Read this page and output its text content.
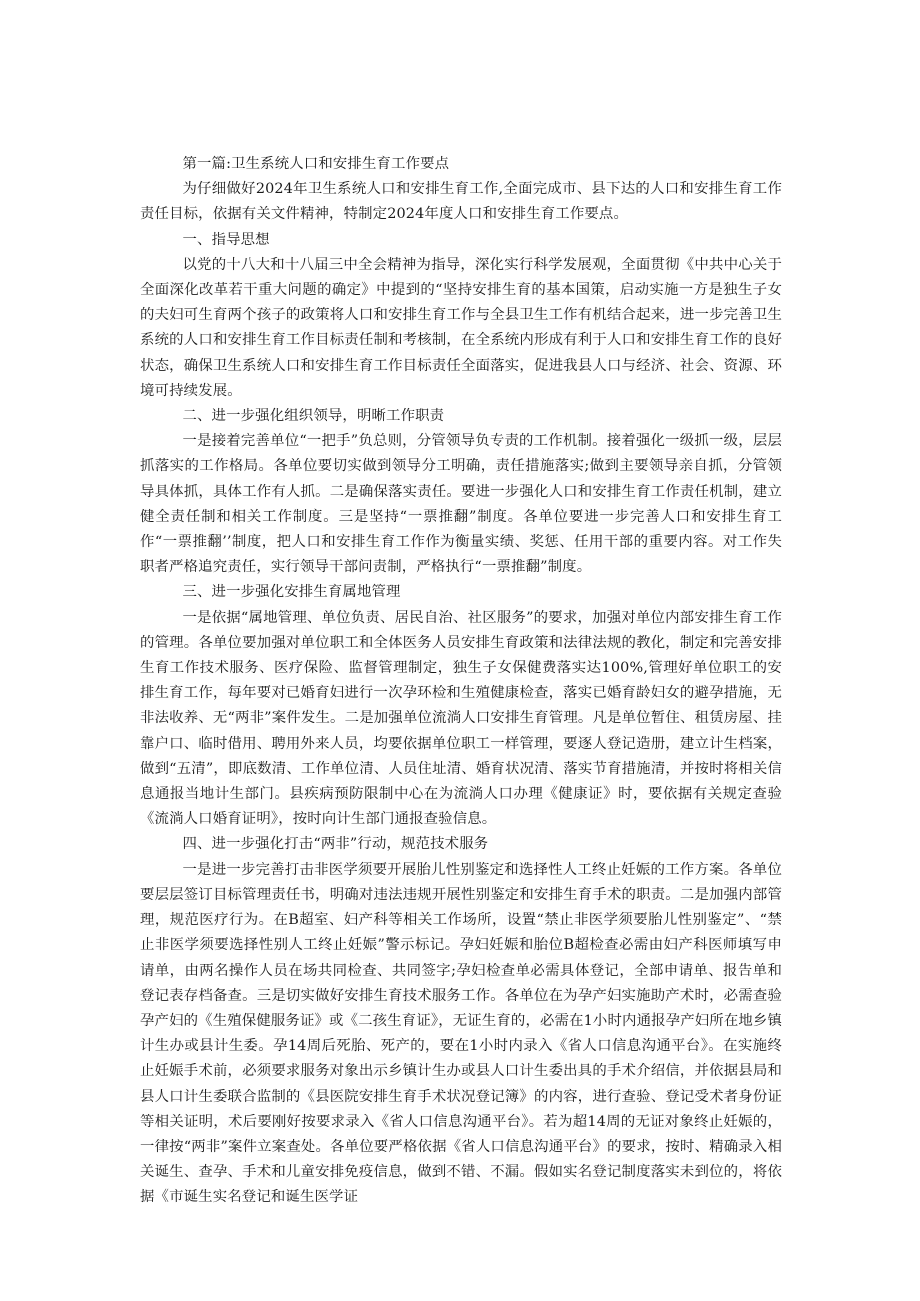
第一篇:卫生系统人口和安排生育工作要点

为仔细做好2024年卫生系统人口和安排生育工作,全面完成市、县下达的人口和安排生育工作责任目标，依据有关文件精神，特制定2024年度人口和安排生育工作要点。

一、指导思想

以党的十八大和十八届三中全会精神为指导，深化实行科学发展观，全面贯彻《中共中心关于全面深化改革若干重大问题的确定》中提到的“坚持安排生育的基本国策，启动实施一方是独生子女的夫妇可生育两个孩子的政策将人口和安排生育工作与全县卫生工作有机结合起来，进一步完善卫生系统的人口和安排生育工作目标责任制和考核制，在全系统内形成有利于人口和安排生育工作的良好状态，确保卫生系统人口和安排生育工作目标责任全面落实，促进我县人口与经济、社会、资源、环境可持续发展。

二、进一步强化组织领导，明晰工作职责

一是接着完善单位“一把手”负总则，分管领导负专责的工作机制。接着强化一级抓一级，层层抓落实的工作格局。各单位要切实做到领导分工明确，责任措施落实;做到主要领导亲自抓，分管领导具体抓，具体工作有人抓。二是确保落实责任。要进一步强化人口和安排生育工作责任机制，建立健全责任制和相关工作制度。三是坚持“一票推翻”制度。各单位要进一步完善人口和安排生育工作“一票推翻’’制度，把人口和安排生育工作作为衡量实绩、奖惩、任用干部的重要内容。对工作失职者严格追究责任，实行领导干部问责制，严格执行“一票推翻”制度。

三、进一步强化安排生育属地管理

一是依据“属地管理、单位负责、居民自治、社区服务”的要求，加强对单位内部安排生育工作的管理。各单位要加强对单位职工和全体医务人员安排生育政策和法律法规的教化，制定和完善安排生育工作技术服务、医疗保险、监督管理制定，独生子女保健费落实达100%,管理好单位职工的安排生育工作，每年要对已婚育妇进行一次孕环检和生殖健康检查，落实已婚育龄妇女的避孕措施，无非法收养、无“两非”案件发生。二是加强单位流淌人口安排生育管理。凡是单位暂住、租赁房屋、挂靠户口、临时借用、聘用外来人员，均要依据单位职工一样管理，要逐人登记造册，建立计生档案，做到“五清”，即底数清、工作单位清、人员住址清、婚育状况清、落实节育措施清，并按时将相关信息通报当地计生部门。县疾病预防限制中心在为流淌人口办理《健康证》时，要依据有关规定查验《流淌人口婚育证明》，按时向计生部门通报查验信息。

四、进一步强化打击“两非”行动，规范技术服务

一是进一步完善打击非医学须要开展胎儿性别鉴定和选择性人工终止妊娠的工作方案。各单位要层层签订目标管理责任书，明确对违法违规开展性别鉴定和安排生育手术的职责。二是加强内部管理，规范医疗行为。在B超室、妇产科等相关工作场所，设置“禁止非医学须要胎儿性别鉴定”、“禁止非医学须要选择性别人工终止妊娠”警示标记。孕妇妊娠和胎位B超检查必需由妇产科医师填写申请单，由两名操作人员在场共同检查、共同签字;孕妇检查单必需具体登记，全部申请单、报告单和登记表存档备查。三是切实做好安排生育技术服务工作。各单位在为孕产妇实施助产术时，必需查验孕产妇的《生殖保健服务证》或《二孩生育证》，无证生育的，必需在1小时内通报孕产妇所在地乡镇计生办或县计生委。孕14周后死胎、死产的，要在1小时内录入《省人口信息沟通平台》。在实施终止妊娠手术前，必须要求服务对象出示乡镇计生办或县人口计生委出具的手术介绍信，并依据县局和县人口计生委联合监制的《县医院安排生育手术状况登记簿》的内容，进行查验、登记受术者身份证等相关证明，术后要刚好按要求录入《省人口信息沟通平台》。若为超14周的无证对象终止妊娠的，一律按“两非”案件立案查处。各单位要严格依据《省人口信息沟通平台》的要求，按时、精确录入相关诞生、查孕、手术和儿童安排免疫信息，做到不错、不漏。假如实名登记制度落实未到位的，将依据《市诞生实名登记和诞生医学证
